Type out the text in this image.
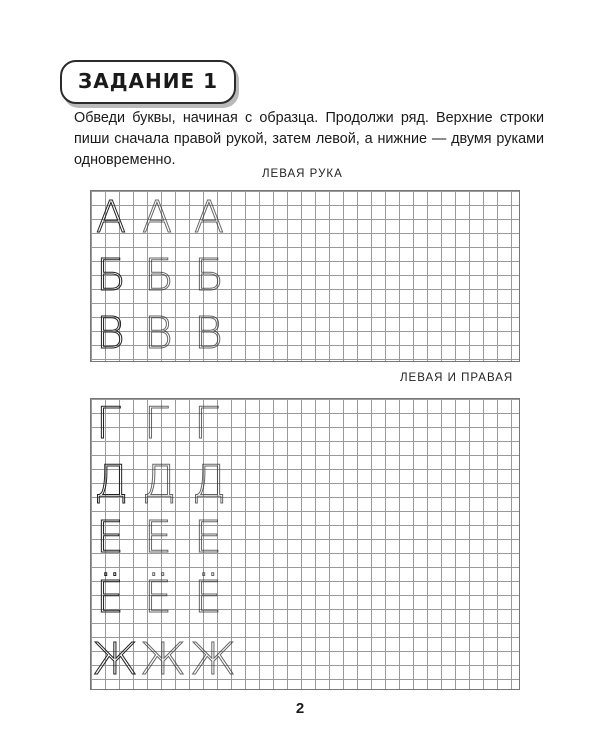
ЗАДАНИЕ 1
Обведи буквы, начиная с образца. Продолжи ряд. Верхние строки пиши сначала правой рукой, затем левой, а нижние — двумя руками одновременно.
ЛЕВАЯ РУКА
ЛЕВАЯ И ПРАВАЯ
А А А
Б Б Б
В В В
Г Г Г
Д Д Д
Е Е Е
Ё Ё Ё
Ж Ж Ж
2
